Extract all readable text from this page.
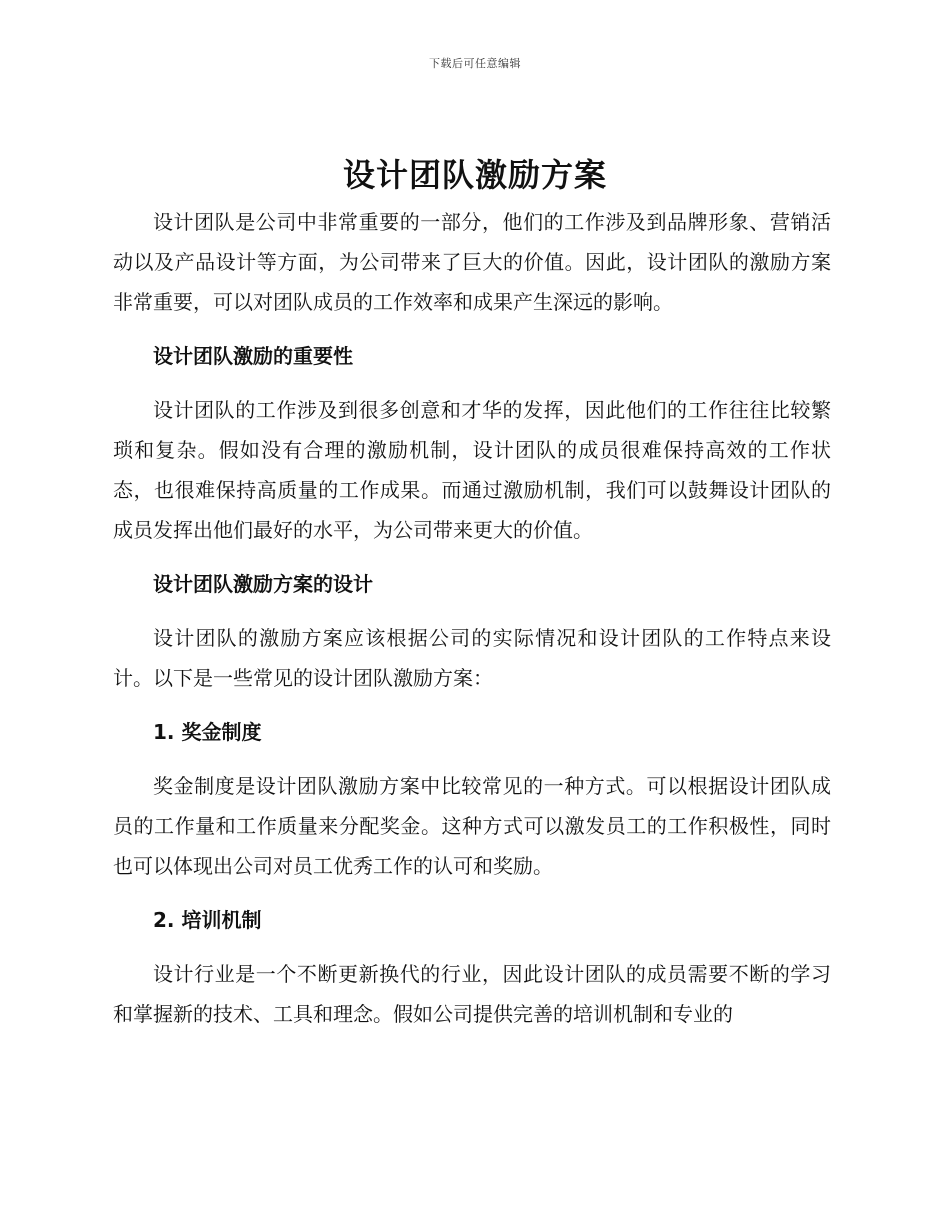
下载后可任意编辑
设计团队激励方案

设计团队是公司中非常重要的一部分，他们的工作涉及到品牌形象、营销活动以及产品设计等方面，为公司带来了巨大的价值。因此，设计团队的激励方案非常重要，可以对团队成员的工作效率和成果产生深远的影响。

设计团队激励的重要性

设计团队的工作涉及到很多创意和才华的发挥，因此他们的工作往往比较繁琐和复杂。假如没有合理的激励机制，设计团队的成员很难保持高效的工作状态，也很难保持高质量的工作成果。而通过激励机制，我们可以鼓舞设计团队的成员发挥出他们最好的水平，为公司带来更大的价值。

设计团队激励方案的设计

设计团队的激励方案应该根据公司的实际情况和设计团队的工作特点来设计。以下是一些常见的设计团队激励方案：

1. 奖金制度

奖金制度是设计团队激励方案中比较常见的一种方式。可以根据设计团队成员的工作量和工作质量来分配奖金。这种方式可以激发员工的工作积极性，同时也可以体现出公司对员工优秀工作的认可和奖励。

2. 培训机制

设计行业是一个不断更新换代的行业，因此设计团队的成员需要不断的学习和掌握新的技术、工具和理念。假如公司提供完善的培训机制和专业的
